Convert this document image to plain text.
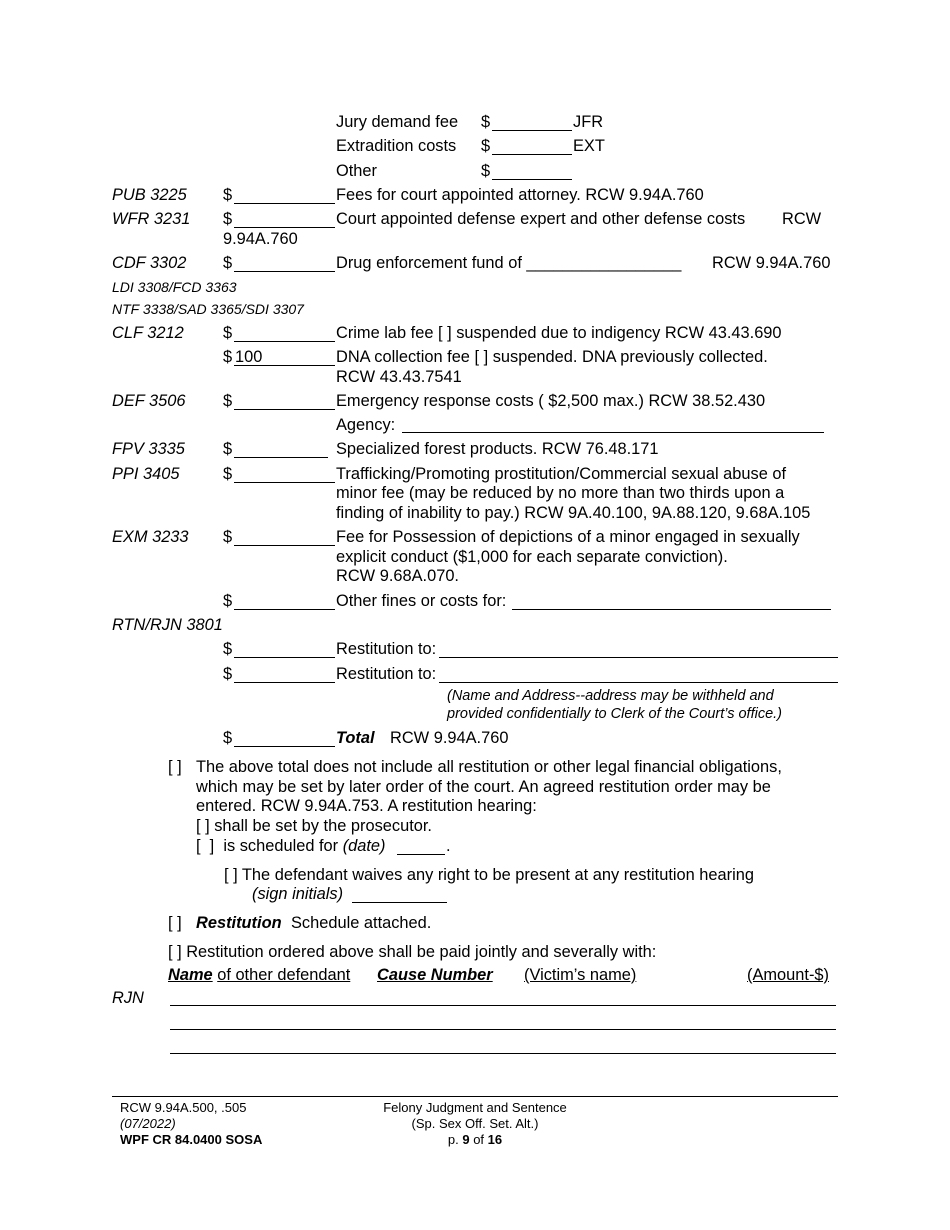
Jury demand fee $	JFR
Extradition costs $	EXT
Other	$
PUB 3225 $	Fees for court appointed attorney. RCW 9.94A.760
WFR 3231 $	Court appointed defense expert and other defense costs RCW
9.94A.760
CDF 3302 $	Drug enforcement fund of _________________ RCW 9.94A.760
LDI 3308/FCD 3363
NTF 3338/SAD 3365/SDI 3307
CLF 3212 $	Crime lab fee [ ] suspended due to indigency RCW 43.43.690
$ 100	DNA collection fee [ ] suspended. DNA previously collected.
RCW 43.43.7541
DEF 3506 $	Emergency response costs ( $2,500 max.) RCW 38.52.430
Agency:
FPV 3335 $	Specialized forest products. RCW 76.48.171
PPI 3405	$	Trafficking/Promoting prostitution/Commercial sexual abuse of
minor fee (may be reduced by no more than two thirds upon a
finding of inability to pay.) RCW 9A.40.100, 9A.88.120, 9.68A.105
EXM 3233 $	Fee for Possession of depictions of a minor engaged in sexually
explicit conduct ($1,000 for each separate conviction).
RCW 9.68A.070.
$	Other fines or costs for:
RTN/RJN 3801
$	Restitution to:
$	Restitution to:
(Name and Address--address may be withheld and
provided confidentially to Clerk of the Court’s office.)
$	Total RCW 9.94A.760
[ ] The above total does not include all restitution or other legal financial obligations,
which may be set by later order of the court. An agreed restitution order may be
entered. RCW 9.94A.753. A restitution hearing:
[ ] shall be set by the prosecutor.
[  ]  is scheduled for (date)	.
[ ] The defendant waives any right to be present at any restitution hearing
(sign initials)
[ ] Restitution Schedule attached.
[ ] Restitution ordered above shall be paid jointly and severally with:
Name of other defendant Cause Number (Victim’s name)	(Amount-$)
RJN
RCW 9.94A.500, .505
(07/2022)
WPF CR 84.0400 SOSA
Felony Judgment and Sentence
(Sp. Sex Off. Set. Alt.)
p. 9 of 16
